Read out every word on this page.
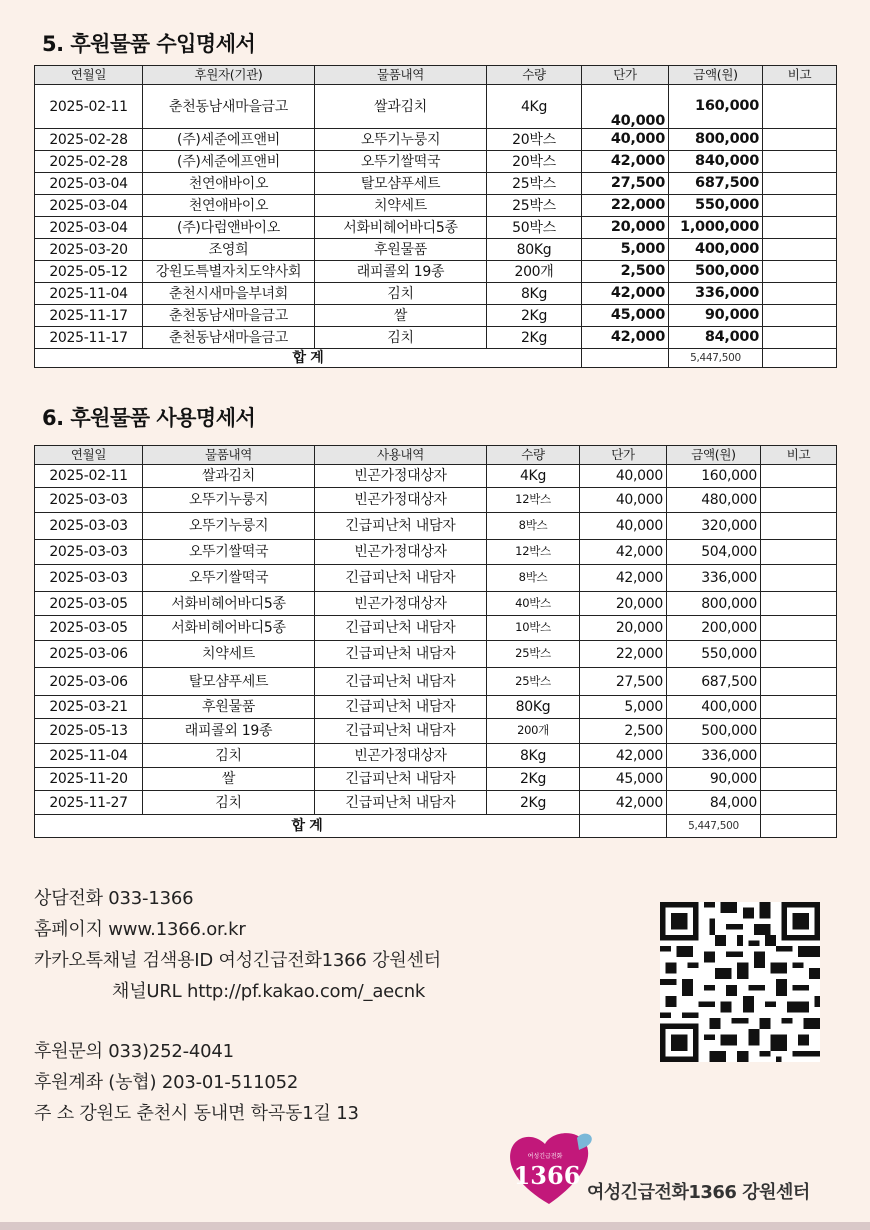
5. 후원물품 수입명세서
연월일	후원자(기관)	물품내역	수량	단가	금액(원)	비고
2025-02-11	춘천동남새마을금고	쌀과김치	4Kg	40,000	160,000	
2025-02-28	(주)세준에프앤비	오뚜기누룽지	20박스	40,000	800,000	
2025-02-28	(주)세준에프앤비	오뚜기쌀떡국	20박스	42,000	840,000	
2025-03-04	천연애바이오	탈모샴푸세트	25박스	27,500	687,500	
2025-03-04	천연애바이오	치약세트	25박스	22,000	550,000	
2025-03-04	(주)다럼앤바이오	서화비헤어바디5종	50박스	20,000	1,000,000	
2025-03-20	조영희	후원물품	80Kg	5,000	400,000	
2025-05-12	강원도특별자치도약사회	래피콜외 19종	200개	2,500	500,000	
2025-11-04	춘천시새마을부녀회	김치	8Kg	42,000	336,000	
2025-11-17	춘천동남새마을금고	쌀	2Kg	45,000	90,000	
2025-11-17	춘천동남새마을금고	김치	2Kg	42,000	84,000	
합 계					5,447,500	
6. 후원물품 사용명세서
연월일	물품내역	사용내역	수량	단가	금액(원)	비고
2025-02-11	쌀과김치	빈곤가정대상자	4Kg	40,000	160,000	
2025-03-03	오뚜기누룽지	빈곤가정대상자	12박스	40,000	480,000	
2025-03-03	오뚜기누룽지	긴급피난처 내담자	8박스	40,000	320,000	
2025-03-03	오뚜기쌀떡국	빈곤가정대상자	12박스	42,000	504,000	
2025-03-03	오뚜기쌀떡국	긴급피난처 내담자	8박스	42,000	336,000	
2025-03-05	서화비헤어바디5종	빈곤가정대상자	40박스	20,000	800,000	
2025-03-05	서화비헤어바디5종	긴급피난처 내담자	10박스	20,000	200,000	
2025-03-06	치약세트	긴급피난처 내담자	25박스	22,000	550,000	
2025-03-06	탈모샴푸세트	긴급피난처 내담자	25박스	27,500	687,500	
2025-03-21	후원물품	긴급피난처 내담자	80Kg	5,000	400,000	
2025-05-13	래피콜외 19종	긴급피난처 내담자	200개	2,500	500,000	
2025-11-04	김치	빈곤가정대상자	8Kg	42,000	336,000	
2025-11-20	쌀	긴급피난처 내담자	2Kg	45,000	90,000	
2025-11-27	김치	긴급피난처 내담자	2Kg	42,000	84,000	
합 계					5,447,500	
상담전화 033-1366
홈페이지 www.1366.or.kr
카카오톡채널 검색용ID 여성긴급전화1366 강원센터
채널URL http://pf.kakao.com/_aecnk
후원문의 033)252-4041
후원계좌 (농협) 203-01-511052
주 소 강원도 춘천시 동내면 학곡동1길 13
여성긴급전화
1366
여성긴급전화1366 강원센터
